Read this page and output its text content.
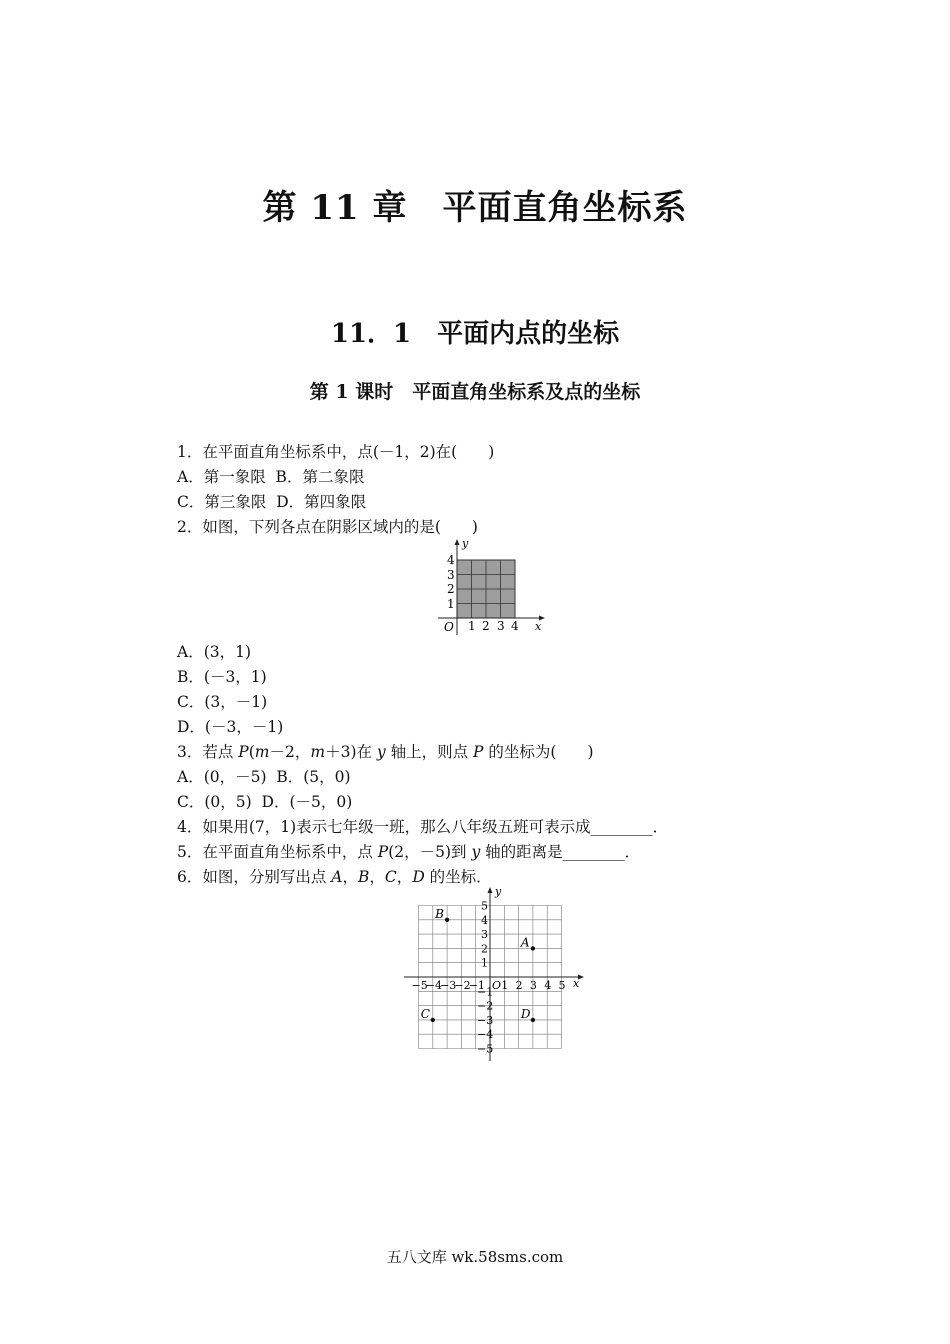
第 11 章　平面直角坐标系
11．1　平面内点的坐标
第 1 课时　平面直角坐标系及点的坐标
1．在平面直角坐标系中，点(－1，2)在(　　)
A．第一象限  B．第二象限
C．第三象限  D．第四象限
2．如图，下列各点在阴影区域内的是(　　)
y
x
O 1 2 3 4
1
2
3
4
A．(3，1)
B．(－3，1)
C．(3，－1)
D．(－3，－1)
3．若点 P(m－2，m＋3)在 y 轴上，则点 P 的坐标为(　　)
A．(0，－5)  B．(5，0)
C．(0，5)  D．(－5，0)
4．如果用(7，1)表示七年级一班，那么八年级五班可表示成________．
5．在平面直角坐标系中，点 P(2，－5)到 y 轴的距离是________．
6．如图，分别写出点 A，B，C，D 的坐标．
y
x
O
−5
−4
−3
−2
−1 1 2 3 4 5
5
4
3
2
1
−1
−2
−3
−4
−5
A
B
C	D
五八文库 wk.58sms.com
